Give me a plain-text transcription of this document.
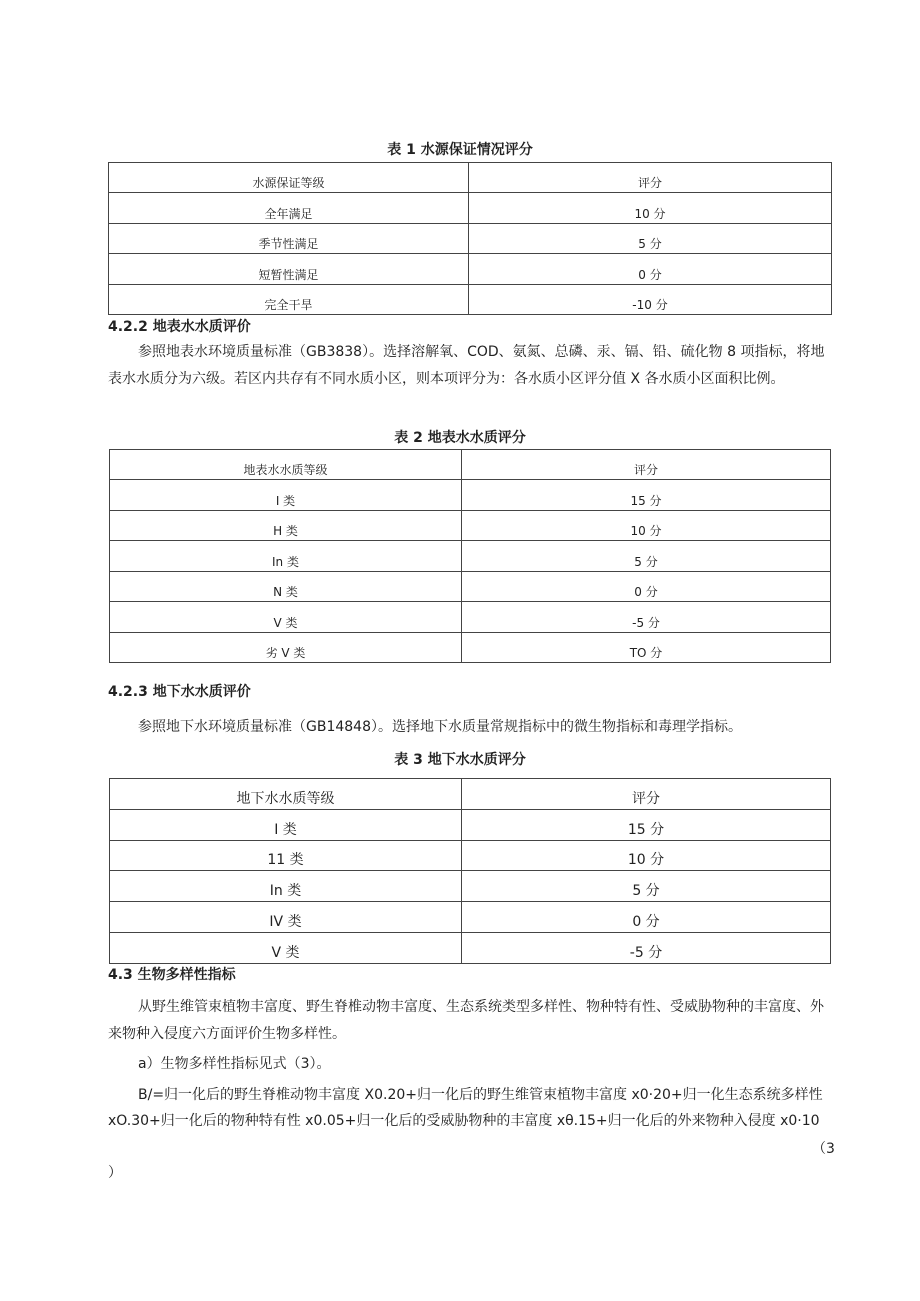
表 1 水源保证情况评分
水源保证等级	评分
全年满足	10 分
季节性满足	5 分
短暂性满足	0 分
完全干旱	-10 分
4.2.2 地表水水质评价
参照地表水环境质量标准（GB3838）。选择溶解氧、COD、氨氮、总磷、汞、镉、铅、硫化物 8 项指标，将地表水水质分为六级。若区内共存有不同水质小区，则本项评分为：各水质小区评分值 X 各水质小区面积比例。
表 2 地表水水质评分
地表水水质等级	评分
I 类	15 分
H 类	10 分
In 类	5 分
N 类	0 分
V 类	-5 分
劣 V 类	TO 分
4.2.3 地下水水质评价
参照地下水环境质量标准（GB14848）。选择地下水质量常规指标中的微生物指标和毒理学指标。
表 3 地下水水质评分
地下水水质等级	评分
I 类	15 分
11 类	10 分
In 类	5 分
IV 类	0 分
V 类	-5 分
4.3 生物多样性指标
从野生维管束植物丰富度、野生脊椎动物丰富度、生态系统类型多样性、物种特有性、受威胁物种的丰富度、外来物种入侵度六方面评价生物多样性。
a）生物多样性指标见式（3）。
B/=归一化后的野生脊椎动物丰富度 X0.20+归一化后的野生维管束植物丰富度 x0·20+归一化生态系统多样性 xO.30+归一化后的物种特有性 x0.05+归一化后的受威胁物种的丰富度 xθ.15+归一化后的外来物种入侵度 x0·10
（3
）
